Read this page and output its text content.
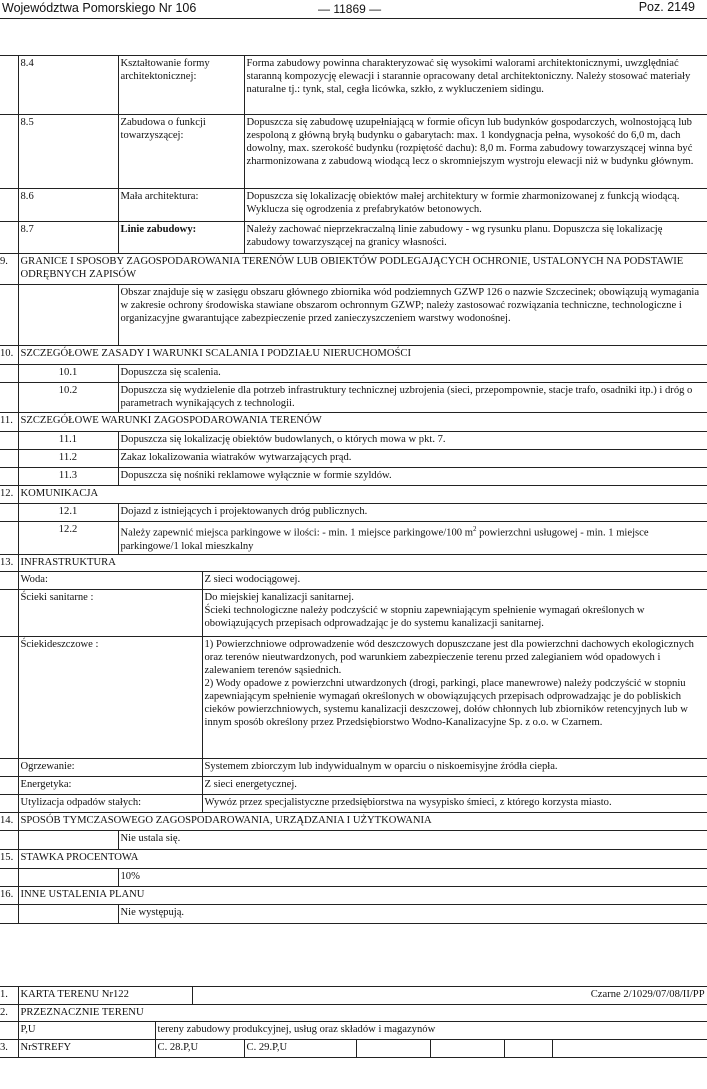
Województwa Pomorskiego Nr 106	— 11869 —	Poz. 2149
	8.4	Kształtowanie formy architektonicznej:		Forma zabudowy powinna charakteryzować się wysokimi walorami architektonicznymi, uwzględniać staranną kompozycję elewacji i starannie opracowany detal architektoniczny. Należy stosować materiały naturalne tj.: tynk, stal, cegła licówka, szkło, z wykluczeniem sidingu.
	8.5	Zabudowa o funkcji towarzyszącej:		Dopuszcza się zabudowę uzupełniającą w formie oficyn lub budynków gospodarczych, wolnostojącą lub zespoloną z główną bryłą budynku o gabarytach: max. 1 kondygnacja pełna, wysokość do 6,0 m, dach dowolny, max. szerokość budynku (rozpiętość dachu): 8,0 m. Forma zabudowy towarzyszącej winna być zharmonizowana z zabudową wiodącą lecz o skromniejszym wystroju elewacji niż w budynku głównym.
	8.6	Mała architektura:		Dopuszcza się lokalizację obiektów małej architektury w formie zharmonizowanej z funkcją wiodącą. Wyklucza się ogrodzenia z prefabrykatów betonowych.
	8.7	Linie zabudowy:		Należy zachować nieprzekraczalną linie zabudowy - wg rysunku planu. Dopuszcza się lokalizację zabudowy towarzyszącej na granicy własności.
9.	GRANICE I SPOSOBY ZAGOSPODAROWANIA TERENÓW LUB OBIEKTÓW PODLEGAJĄCYCH OCHRONIE, USTALONYCH NA PODSTAWIE ODRĘBNYCH ZAPISÓW			
		Obszar znajduje się w zasięgu obszaru głównego zbiornika wód podziemnych GZWP 126 o nazwie Szczecinek; obowiązują wymagania w zakresie ochrony środowiska stawiane obszarom ochronnym GZWP; należy zastosować rozwiązania techniczne, technologiczne i organizacyjne gwarantujące zabezpieczenie przed zanieczyszczeniem warstwy wodonośnej.		
10.	SZCZEGÓŁOWE ZASADY I WARUNKI SCALANIA I PODZIAŁU NIERUCHOMOŚCI			
	10.1	Dopuszcza się scalenia.		
	10.2	Dopuszcza się wydzielenie dla potrzeb infrastruktury technicznej uzbrojenia (sieci, przepompownie, stacje trafo, osadniki itp.) i dróg o parametrach wynikających z technologii.		
11.	SZCZEGÓŁOWE WARUNKI ZAGOSPODAROWANIA TERENÓW			
	11.1	Dopuszcza się lokalizację obiektów budowlanych, o których mowa w pkt. 7.		
	11.2	Zakaz lokalizowania wiatraków wytwarzających prąd.		
	11.3	Dopuszcza się nośniki reklamowe wyłącznie w formie szyldów.		
12.	KOMUNIKACJA			
	12.1	Dojazd z istniejących i projektowanych dróg publicznych.		
	12.2	Należy zapewnić miejsca parkingowe w ilości: - min. 1 miejsce parkingowe/100 $m^2$ powierzchni usługowej - min. 1 miejsce parkingowe/1 lokal mieszkalny		
13.	INFRASTRUKTURA			
	Woda:		Z sieci wodociągowej.	
	Ścieki sanitarne :		Do miejskiej kanalizacji sanitarnej.
Ścieki technologiczne należy podczyścić w stopniu zapewniającym spełnienie wymagań określonych w obowiązujących przepisach odprowadzając je do systemu kanalizacji sanitarnej.	

	Ściekideszczowe :		1) Powierzchniowe odprowadzenie wód deszczowych dopuszczane jest dla powierzchni dachowych ekologicznych oraz terenów nieutwardzonych, pod warunkiem zabezpieczenie terenu przed zalegianiem wód opadowych i zalewaniem terenów sąsiednich.
2) Wody opadowe z powierzchni utwardzonych (drogi, parkingi, place manewrowe) należy podczyścić w stopniu zapewniającym spełnienie wymagań określonych w obowiązujących przepisach odprowadzając je do pobliskich cieków powierzchniowych, systemu kanalizacji deszczowej, dołów chłonnych lub zbiorników retencyjnych lub w innym sposób określony przez Przedsiębiorstwo Wodno-Kanalizacyjne Sp. z o.o. w Czarnem.	

	Ogrzewanie:		Systemem zbiorczym lub indywidualnym w oparciu o niskoemisyjne źródła ciepła.	
	Energetyka:		Z sieci energetycznej.	
	Utylizacja odpadów stałych:		Wywóz przez specjalistyczne przedsiębiorstwa na wysypisko śmieci, z którego korzysta miasto.	
14.	SPOSÓB TYMCZASOWEGO ZAGOSPODAROWANIA, URZĄDZANIA I UŻYTKOWANIA			
		Nie ustala się.		
15.	STAWKA PROCENTOWA			
		10%		
16.	INNE USTALENIA PLANU			
		Nie występują.		
1.	KARTA TERENU Nr122		Czarne 2/1029/07/08/II/PP					
2.	PRZEZNACZNIE TERENU							
	P,U	tereny zabudowy produkcyjnej, usług oraz składów i magazynów						
3.	NrSTREFY	C. 28.P,U		C. 29.P,U				
